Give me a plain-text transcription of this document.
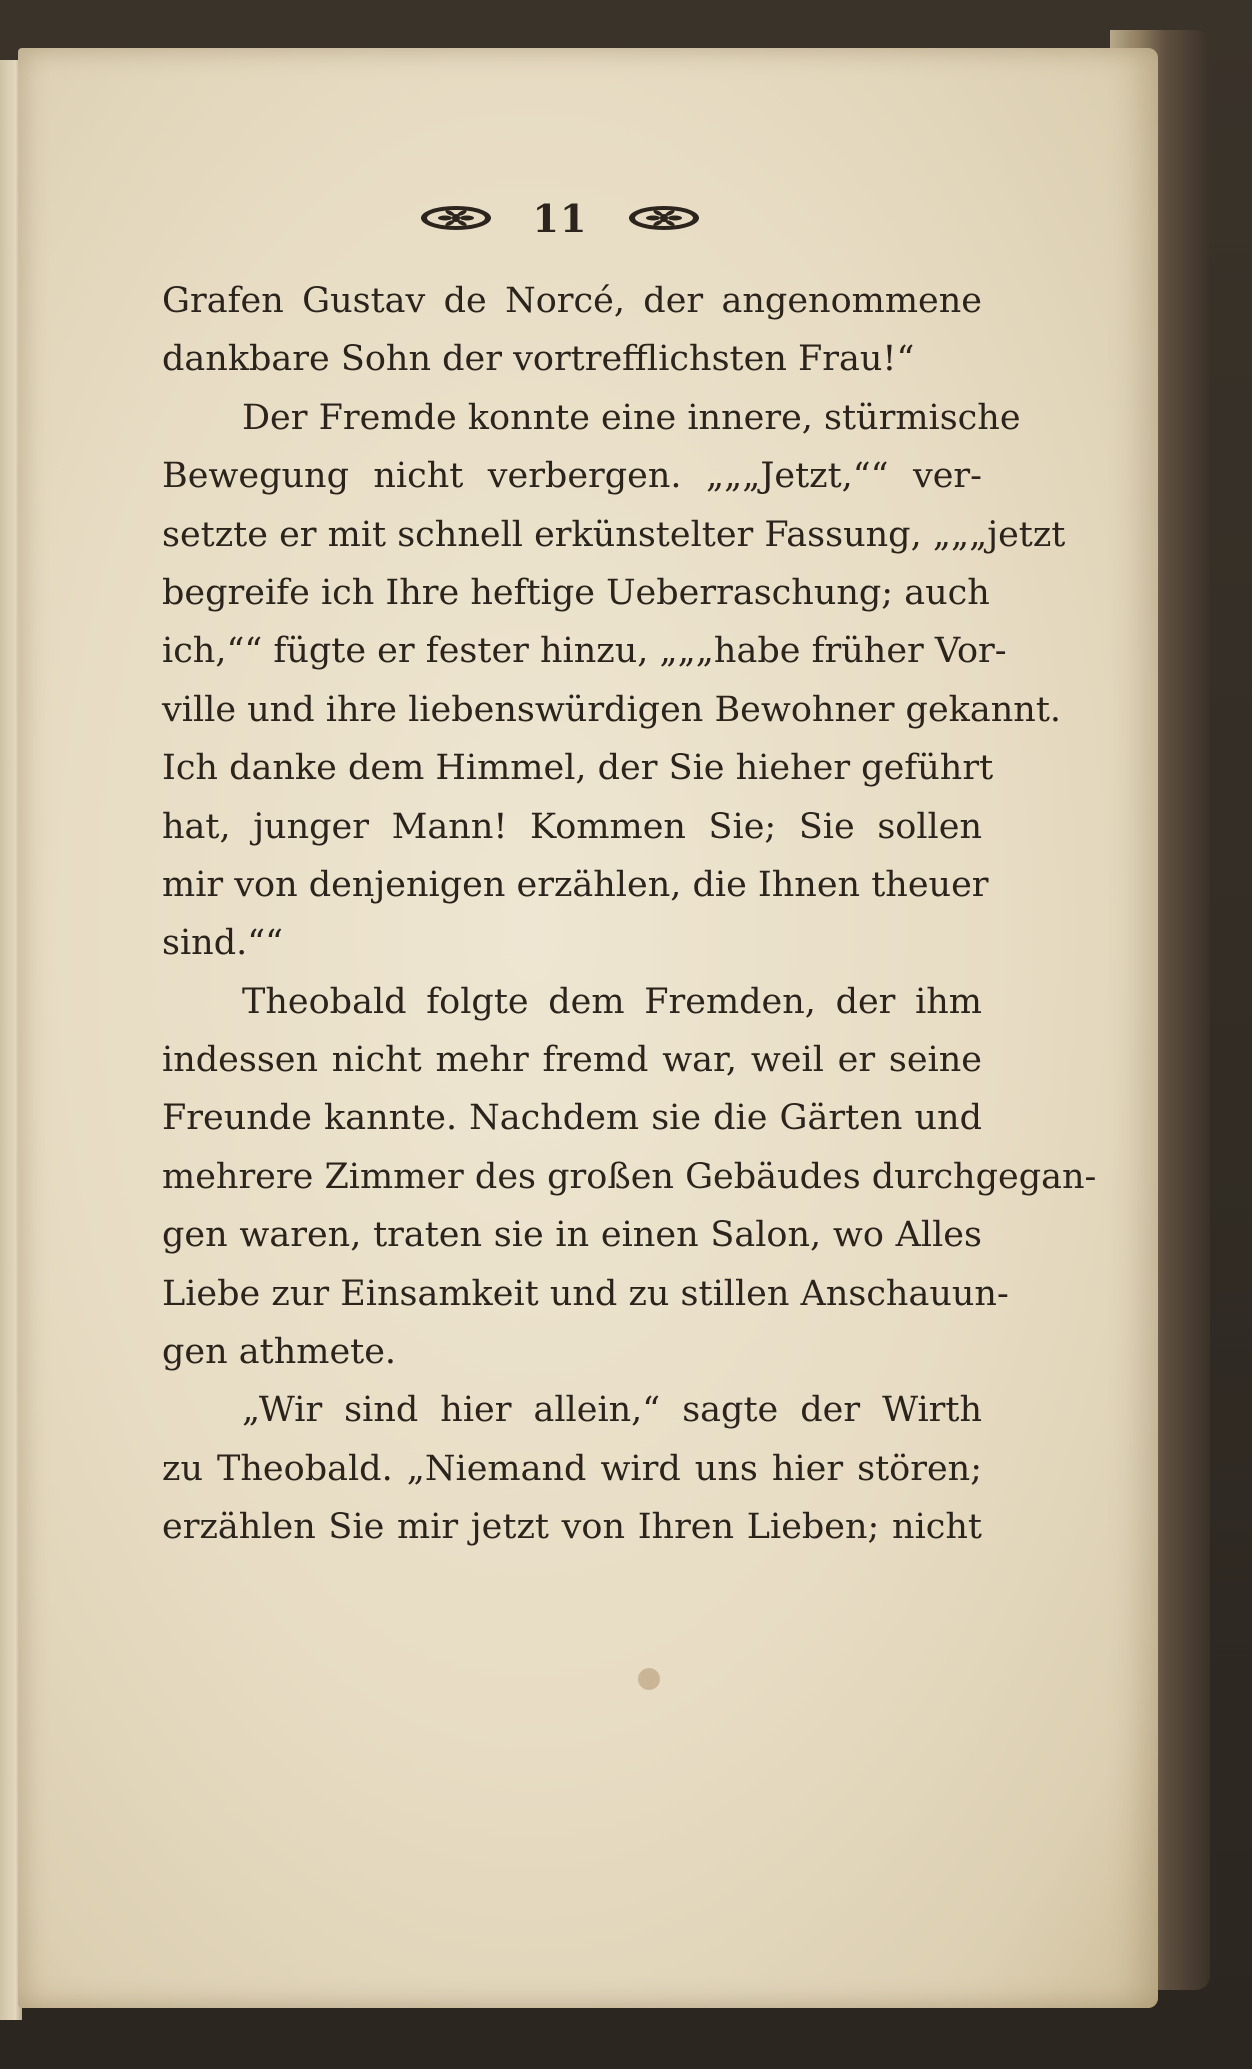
11
Grafen Gustav de Norcé, der angenommene
dankbare Sohn der vortrefflichsten Frau!“
Der Fremde konnte eine innere, stürmische
Bewegung nicht verbergen. „„„Jetzt,““ ver-
setzte er mit schnell erkünstelter Fassung, „„„jetzt
begreife ich Ihre heftige Ueberraschung; auch
ich,““ fügte er fester hinzu, „„„habe früher Vor-
ville und ihre liebenswürdigen Bewohner gekannt.
Ich danke dem Himmel, der Sie hieher geführt
hat, junger Mann! Kommen Sie; Sie sollen
mir von denjenigen erzählen, die Ihnen theuer
sind.““
Theobald folgte dem Fremden, der ihm
indessen nicht mehr fremd war, weil er seine
Freunde kannte. Nachdem sie die Gärten und
mehrere Zimmer des großen Gebäudes durchgegan-
gen waren, traten sie in einen Salon, wo Alles
Liebe zur Einsamkeit und zu stillen Anschauun-
gen athmete.
„Wir sind hier allein,“ sagte der Wirth
zu Theobald. „Niemand wird uns hier stören;
erzählen Sie mir jetzt von Ihren Lieben; nicht
